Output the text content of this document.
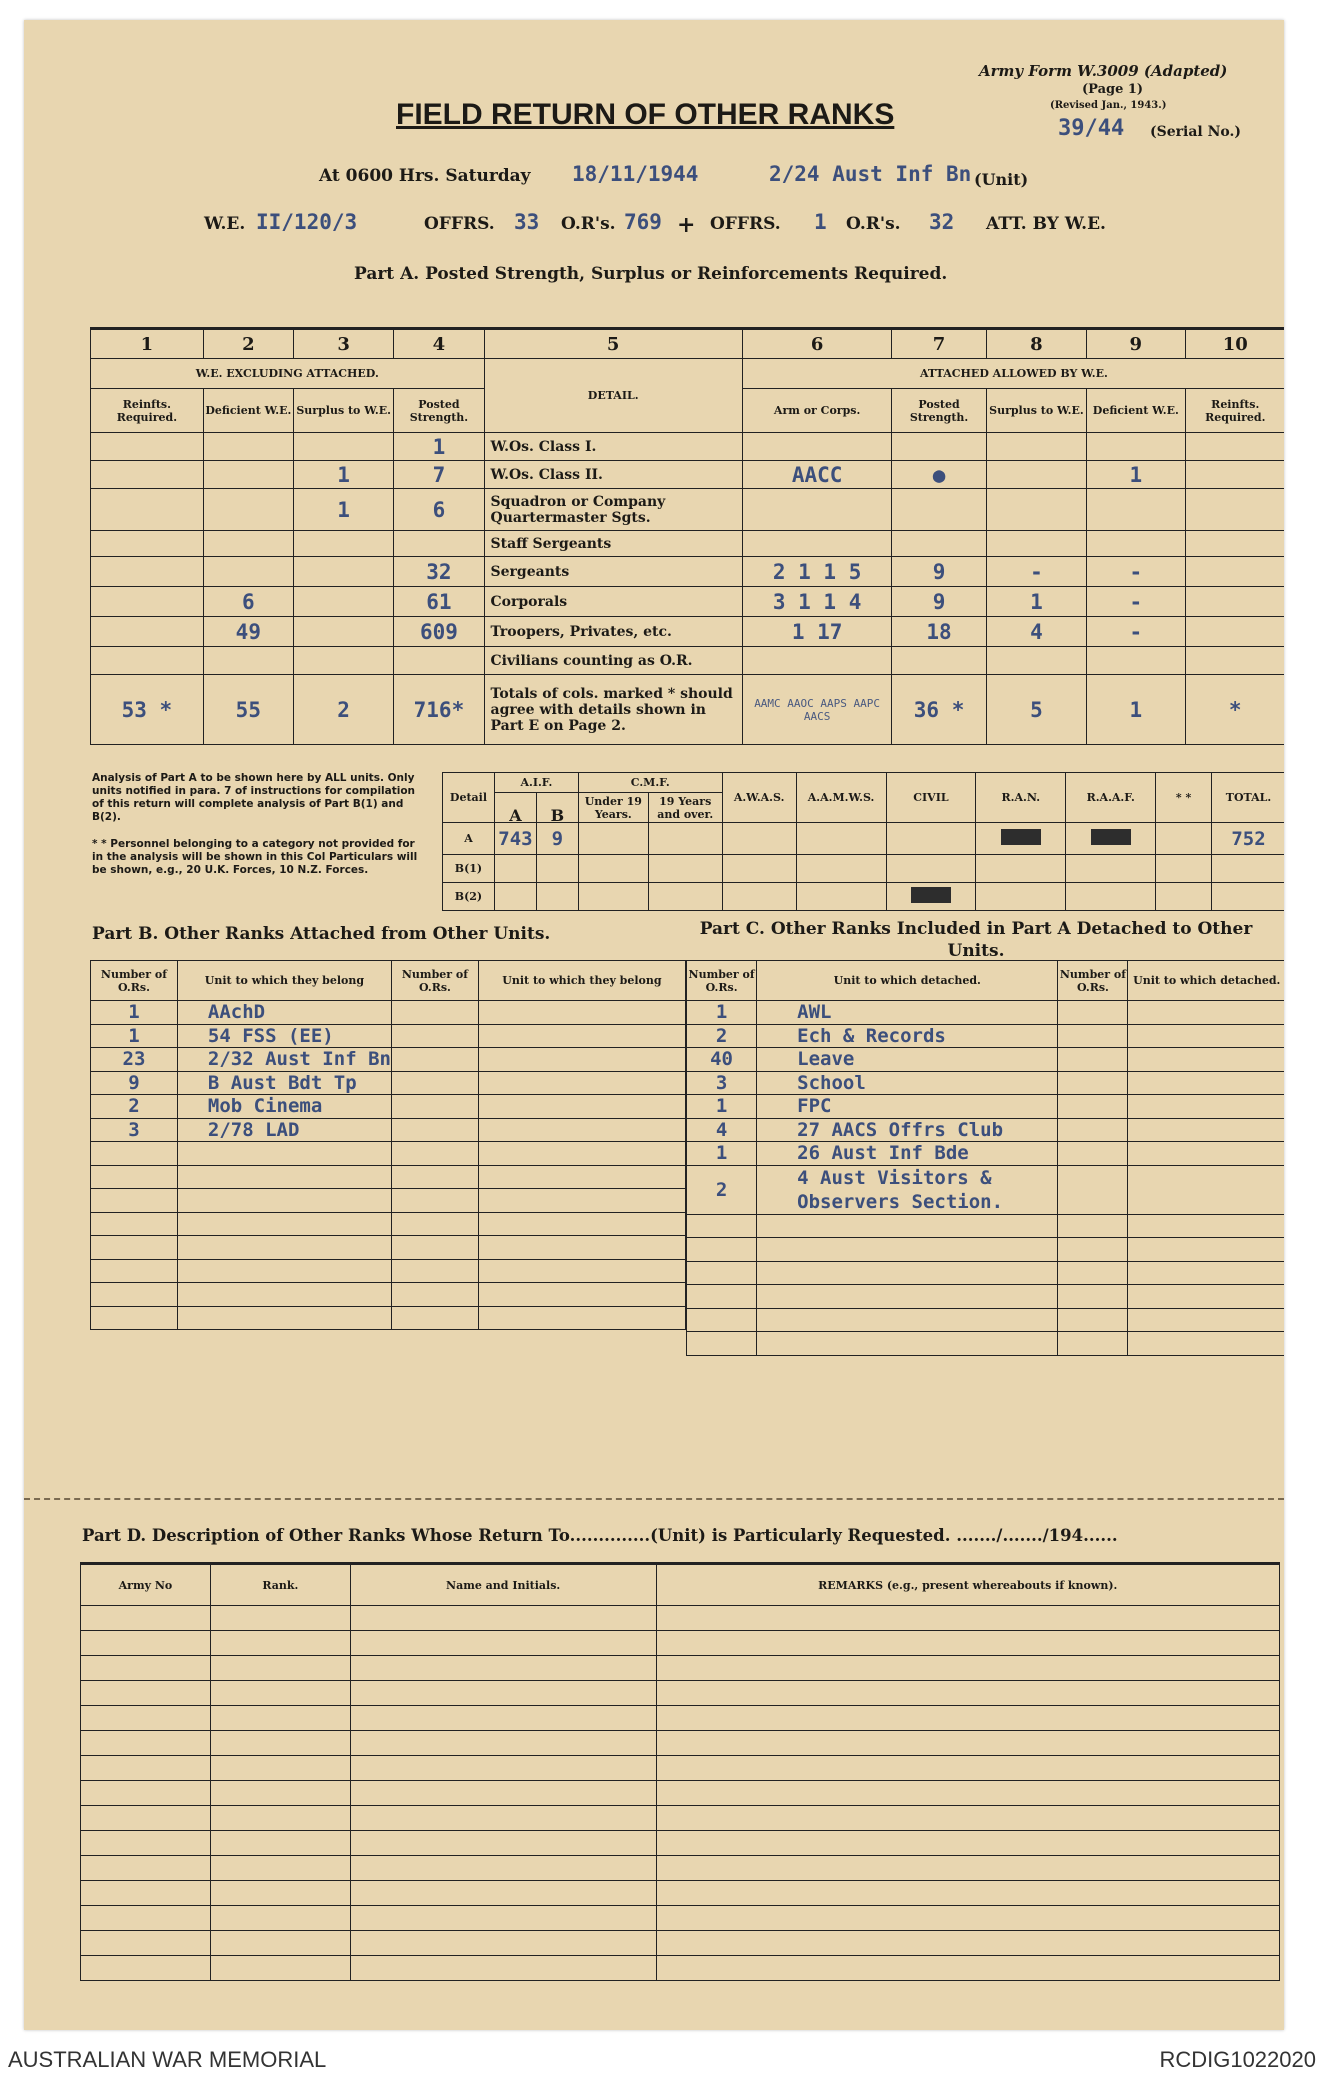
Army Form W.3009 (Adapted)
(Page 1)
(Revised Jan., 1943.)
39/44 (Serial No.)
FIELD RETURN OF OTHER RANKS
At 0600 Hrs. Saturday 18/11/1944	2/24 Aust Inf Bn (Unit)
W.E. II/120/3	OFFRS. 33 O.R's. 769 + OFFRS. 1 O.R's. 32 ATT. BY W.E.
Part A. Posted Strength, Surplus or Reinforcements Required.
1	2	3	4	5	6	7	8	9	10
W.E. EXCLUDING ATTACHED.				DETAIL.	ATTACHED ALLOWED BY W.E.				
Reinfts. Required.	Deficient W.E.	Surplus to W.E.	Posted Strength.		Arm or Corps.	Posted Strength.	Surplus to W.E.	Deficient W.E.	Reinfts. Required.
			1	W.Os. Class I.					
		1	7	W.Os. Class II.	AACC	●		1	
		1	6	Squadron or Company Quartermaster Sgts.					
				Staff Sergeants					
			32	Sergeants	2 1 1 5	9	-	-	
	6		61	Corporals	3 1 1 4	9	1	-	
	49		609	Troopers, Privates, etc.	1 17	18	4	-	
				Civilians counting as O.R.					
53 *	55	2	716*	Totals of cols. marked * should agree with details shown in Part E on Page 2.	AAMC AAOC AAPS AAPC AACS	36 *	5	1	*
Analysis of Part A to be shown here by ALL units. Only units notified in para. 7 of instructions for compilation of this return will complete analysis of Part B(1) and B(2).
* * Personnel belonging to a category not provided for in the analysis will be shown in this Col Particulars will be shown, e.g., 20 U.K. Forces, 10 N.Z. Forces.
Detail	A.I.F.		C.M.F.		A.W.A.S.	A.A.M.W.S.	CIVIL	R.A.N.	R.A.A.F.	* *	TOTAL.
	A	B	Under 19 Years.	19 Years and over.							
A	743	9									752
B(1)											
B(2)											
Part B. Other Ranks Attached from Other Units.	Part C. Other Ranks Included in Part A Detached to Other Units.
Number of O.Rs.	Unit to which they belong	Number of O.Rs.	Unit to which they belong
1	AAchD		
1	54 FSS (EE)		
23	2/32 Aust Inf Bn		
9	B Aust Bdt Tp		
2	Mob Cinema		
3	2/78 LAD		

Number of O.Rs.	Unit to which detached.	Number of O.Rs.	Unit to which detached.
1	AWL		
2	Ech & Records		
40	Leave		
3	School		
1	FPC		
4	27 AACS Offrs Club		
1	26 Aust Inf Bde		
2	4 Aust Visitors & Observers Section.		

Part D. Description of Other Ranks Whose Return To..............(Unit) is Particularly Requested. ......./......./194......
Army No	Rank.	Name and Initials.	REMARKS (e.g., present whereabouts if known).

AUSTRALIAN WAR MEMORIAL	RCDIG1022020
